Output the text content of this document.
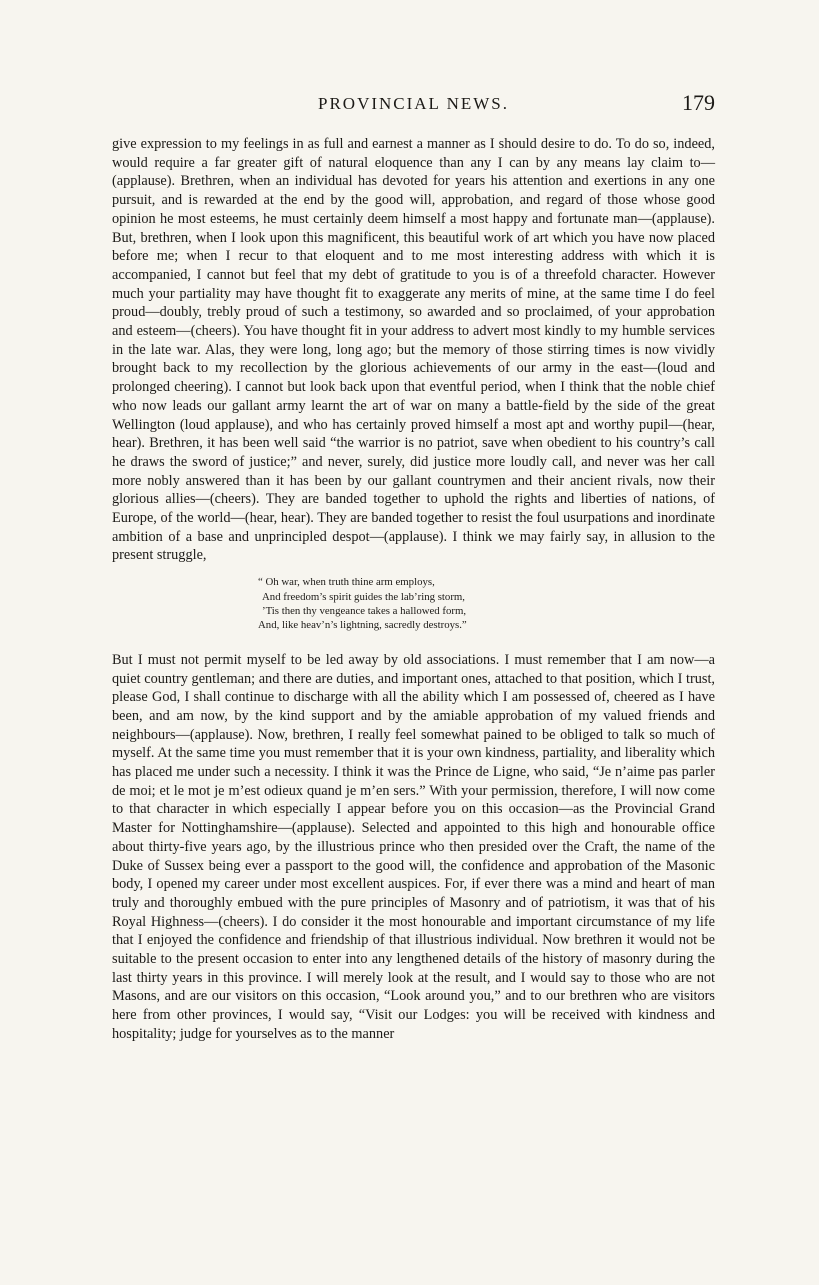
PROVINCIAL NEWS.	179

give expression to my feelings in as full and earnest a manner as I should desire to do. To do so, indeed, would require a far greater gift of natural eloquence than any I can by any means lay claim to—(applause). Brethren, when an individual has devoted for years his attention and exertions in any one pursuit, and is rewarded at the end by the good will, approbation, and regard of those whose good opinion he most esteems, he must certainly deem himself a most happy and fortunate man—(applause). But, brethren, when I look upon this magnificent, this beautiful work of art which you have now placed before me; when I recur to that eloquent and to me most interesting address with which it is accompanied, I cannot but feel that my debt of gratitude to you is of a threefold character. However much your partiality may have thought fit to exaggerate any merits of mine, at the same time I do feel proud—doubly, trebly proud of such a testimony, so awarded and so proclaimed, of your approbation and esteem—(cheers). You have thought fit in your address to advert most kindly to my humble services in the late war. Alas, they were long, long ago; but the memory of those stirring times is now vividly brought back to my recollection by the glorious achievements of our army in the east—(loud and prolonged cheering). I cannot but look back upon that eventful period, when I think that the noble chief who now leads our gallant army learnt the art of war on many a battle-field by the side of the great Wellington (loud applause), and who has certainly proved himself a most apt and worthy pupil—(hear, hear). Brethren, it has been well said “the warrior is no patriot, save when obedient to his country’s call he draws the sword of justice;” and never, surely, did justice more loudly call, and never was her call more nobly answered than it has been by our gallant countrymen and their ancient rivals, now their glorious allies—(cheers). They are banded together to uphold the rights and liberties of nations, of Europe, of the world—(hear, hear). They are banded together to resist the foul usurpations and inordinate ambition of a base and unprincipled despot—(applause). I think we may fairly say, in allusion to the present struggle,

“ Oh war, when truth thine arm employs,
And freedom’s spirit guides the lab’ring storm,
’Tis then thy vengeance takes a hallowed form,
And, like heav’n’s lightning, sacredly destroys.”

But I must not permit myself to be led away by old associations. I must remember that I am now—a quiet country gentleman; and there are duties, and important ones, attached to that position, which I trust, please God, I shall continue to discharge with all the ability which I am possessed of, cheered as I have been, and am now, by the kind support and by the amiable approbation of my valued friends and neighbours—(applause). Now, brethren, I really feel somewhat pained to be obliged to talk so much of myself. At the same time you must remember that it is your own kindness, partiality, and liberality which has placed me under such a necessity. I think it was the Prince de Ligne, who said, “Je n’aime pas parler de moi; et le mot je m’est odieux quand je m’en sers.” With your permission, therefore, I will now come to that character in which especially I appear before you on this occasion—as the Provincial Grand Master for Nottinghamshire—(applause). Selected and appointed to this high and honourable office about thirty-five years ago, by the illustrious prince who then presided over the Craft, the name of the Duke of Sussex being ever a passport to the good will, the confidence and approbation of the Masonic body, I opened my career under most excellent auspices. For, if ever there was a mind and heart of man truly and thoroughly embued with the pure principles of Masonry and of patriotism, it was that of his Royal Highness—(cheers). I do consider it the most honourable and important circumstance of my life that I enjoyed the confidence and friendship of that illustrious individual. Now brethren it would not be suitable to the present occasion to enter into any lengthened details of the history of masonry during the last thirty years in this province. I will merely look at the result, and I would say to those who are not Masons, and are our visitors on this occasion, “Look around you,” and to our brethren who are visitors here from other provinces, I would say, “Visit our Lodges: you will be received with kindness and hospitality; judge for yourselves as to the manner
